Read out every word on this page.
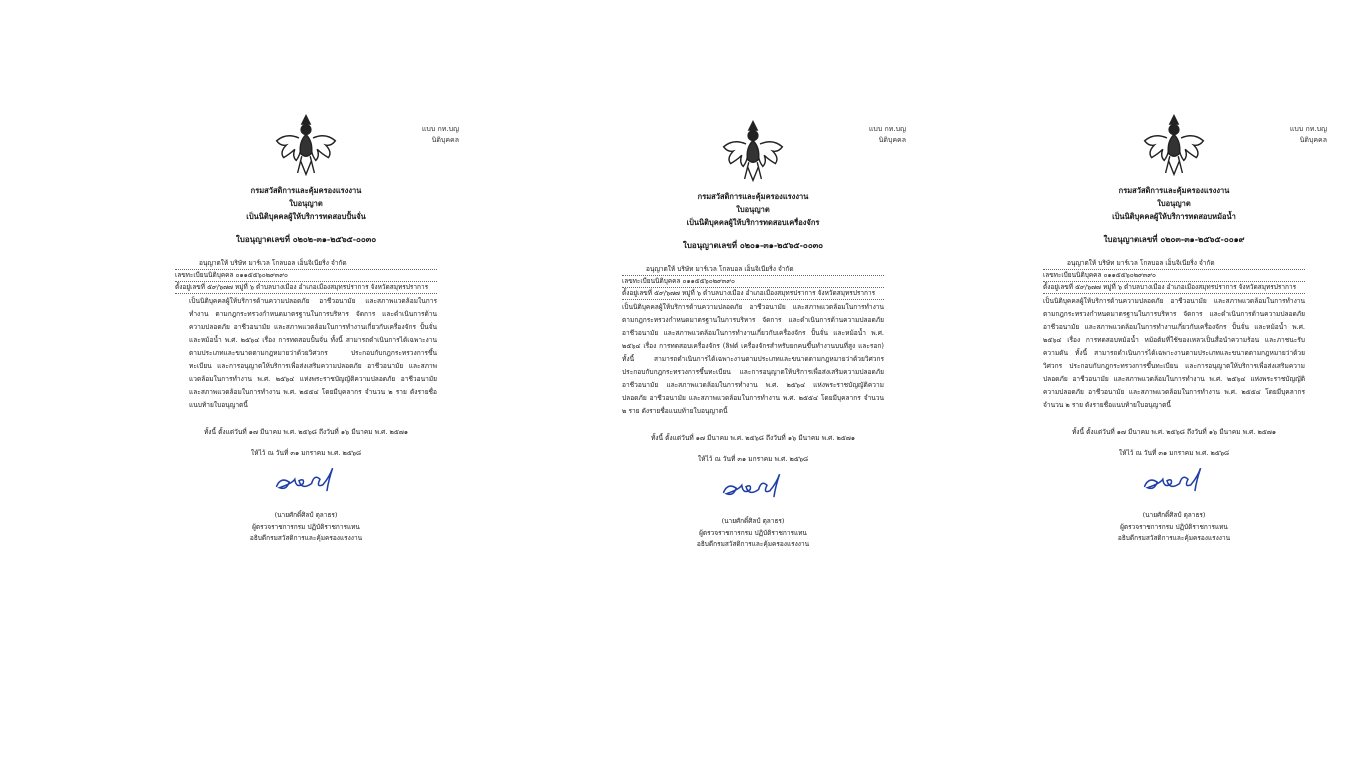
แบบ กท.บญ
นิติบุคคล
กรมสวัสดิการและคุ้มครองแรงงาน
ใบอนุญาต
เป็นนิติบุคคลผู้ให้บริการทดสอบปั้นจั่น
ใบอนุญาตเลขที่ ๐๒๐๒-๓๑-๒๕๖๕-๐๐๓๐
อนุญาตให้ บริษัท มาร์เวล โกลบอล เอ็นจิเนียริ่ง จำกัด
เลขทะเบียนนิติบุคคล ๐๑๑๕๕๖๐๒๙๓๙๐
ตั้งอยู่เลขที่ ๕๙/๖๗๗ หมู่ที่ ๖ ตำบลบางเมือง อำเภอเมืองสมุทรปราการ จังหวัดสมุทรปราการ
เป็นนิติบุคคลผู้ให้บริการด้านความปลอดภัย อาชีวอนามัย และสภาพแวดล้อมในการทำงาน ตามกฎกระทรวงกำหนดมาตรฐานในการบริหาร จัดการ และดำเนินการด้านความปลอดภัย อาชีวอนามัย และสภาพแวดล้อมในการทำงานเกี่ยวกับเครื่องจักร ปั้นจั่น และหม้อน้ำ พ.ศ. ๒๕๖๔ เรื่อง การทดสอบปั้นจั่น ทั้งนี้ สามารถดำเนินการได้เฉพาะงานตามประเภทและขนาดตามกฎหมายว่าด้วยวิศวกร ประกอบกับกฎกระทรวงการขึ้นทะเบียน และการอนุญาตให้บริการเพื่อส่งเสริมความปลอดภัย อาชีวอนามัย และสภาพแวดล้อมในการทำงาน พ.ศ. ๒๕๖๔ แห่งพระราชบัญญัติความปลอดภัย อาชีวอนามัย และสภาพแวดล้อมในการทำงาน พ.ศ. ๒๕๕๔ โดยมีบุคลากร จำนวน ๒ ราย ดังรายชื่อแนบท้ายใบอนุญาตนี้
ทั้งนี้ ตั้งแต่วันที่ ๑๗ มีนาคม พ.ศ. ๒๕๖๘ ถึงวันที่ ๑๖ มีนาคม พ.ศ. ๒๕๗๑
ให้ไว้ ณ วันที่ ๓๑ มกราคม พ.ศ. ๒๕๖๘
(นายศักดิ์ศิลป์ ตุลาธร)
ผู้ตรวจราชการกรม ปฏิบัติราชการแทน
อธิบดีกรมสวัสดิการและคุ้มครองแรงงาน
แบบ กท.บญ
นิติบุคคล
กรมสวัสดิการและคุ้มครองแรงงาน
ใบอนุญาต
เป็นนิติบุคคลผู้ให้บริการทดสอบเครื่องจักร
ใบอนุญาตเลขที่ ๐๒๐๑-๓๑-๒๕๖๕-๐๐๓๐
อนุญาตให้ บริษัท มาร์เวล โกลบอล เอ็นจิเนียริ่ง จำกัด
เลขทะเบียนนิติบุคคล ๐๑๑๕๕๖๐๒๙๓๙๐
ตั้งอยู่เลขที่ ๕๙/๖๗๗ หมู่ที่ ๖ ตำบลบางเมือง อำเภอเมืองสมุทรปราการ จังหวัดสมุทรปราการ
เป็นนิติบุคคลผู้ให้บริการด้านความปลอดภัย อาชีวอนามัย และสภาพแวดล้อมในการทำงาน ตามกฎกระทรวงกำหนดมาตรฐานในการบริหาร จัดการ และดำเนินการด้านความปลอดภัย อาชีวอนามัย และสภาพแวดล้อมในการทำงานเกี่ยวกับเครื่องจักร ปั้นจั่น และหม้อน้ำ พ.ศ. ๒๕๖๔ เรื่อง การทดสอบเครื่องจักร (ลิฟต์ เครื่องจักรสำหรับยกคนขึ้นทำงานบนที่สูง และรอก) ทั้งนี้ สามารถดำเนินการได้เฉพาะงานตามประเภทและขนาดตามกฎหมายว่าด้วยวิศวกร ประกอบกับกฎกระทรวงการขึ้นทะเบียน และการอนุญาตให้บริการเพื่อส่งเสริมความปลอดภัย อาชีวอนามัย และสภาพแวดล้อมในการทำงาน พ.ศ. ๒๕๖๔ แห่งพระราชบัญญัติความปลอดภัย อาชีวอนามัย และสภาพแวดล้อมในการทำงาน พ.ศ. ๒๕๕๔ โดยมีบุคลากร จำนวน ๒ ราย ดังรายชื่อแนบท้ายใบอนุญาตนี้
ทั้งนี้ ตั้งแต่วันที่ ๑๗ มีนาคม พ.ศ. ๒๕๖๘ ถึงวันที่ ๑๖ มีนาคม พ.ศ. ๒๕๗๑
ให้ไว้ ณ วันที่ ๓๑ มกราคม พ.ศ. ๒๕๖๘
(นายศักดิ์ศิลป์ ตุลาธร)
ผู้ตรวจราชการกรม ปฏิบัติราชการแทน
อธิบดีกรมสวัสดิการและคุ้มครองแรงงาน
แบบ กท.บญ
นิติบุคคล
กรมสวัสดิการและคุ้มครองแรงงาน
ใบอนุญาต
เป็นนิติบุคคลผู้ให้บริการทดสอบหม้อน้ำ
ใบอนุญาตเลขที่ ๐๒๐๓-๓๑-๒๕๖๕-๐๐๑๙
อนุญาตให้ บริษัท มาร์เวล โกลบอล เอ็นจิเนียริ่ง จำกัด
เลขทะเบียนนิติบุคคล ๐๑๑๕๕๖๐๒๙๓๙๐
ตั้งอยู่เลขที่ ๕๙/๖๗๗ หมู่ที่ ๖ ตำบลบางเมือง อำเภอเมืองสมุทรปราการ จังหวัดสมุทรปราการ
เป็นนิติบุคคลผู้ให้บริการด้านความปลอดภัย อาชีวอนามัย และสภาพแวดล้อมในการทำงาน ตามกฎกระทรวงกำหนดมาตรฐานในการบริหาร จัดการ และดำเนินการด้านความปลอดภัย อาชีวอนามัย และสภาพแวดล้อมในการทำงานเกี่ยวกับเครื่องจักร ปั้นจั่น และหม้อน้ำ พ.ศ. ๒๕๖๔ เรื่อง การทดสอบหม้อน้ำ หม้อต้มที่ใช้ของเหลวเป็นสื่อนำความร้อน และภาชนะรับความดัน ทั้งนี้ สามารถดำเนินการได้เฉพาะงานตามประเภทและขนาดตามกฎหมายว่าด้วยวิศวกร ประกอบกับกฎกระทรวงการขึ้นทะเบียน และการอนุญาตให้บริการเพื่อส่งเสริมความปลอดภัย อาชีวอนามัย และสภาพแวดล้อมในการทำงาน พ.ศ. ๒๕๖๔ แห่งพระราชบัญญัติความปลอดภัย อาชีวอนามัย และสภาพแวดล้อมในการทำงาน พ.ศ. ๒๕๕๔ โดยมีบุคลากร จำนวน ๒ ราย ดังรายชื่อแนบท้ายใบอนุญาตนี้
ทั้งนี้ ตั้งแต่วันที่ ๑๗ มีนาคม พ.ศ. ๒๕๖๘ ถึงวันที่ ๑๖ มีนาคม พ.ศ. ๒๕๗๑
ให้ไว้ ณ วันที่ ๓๑ มกราคม พ.ศ. ๒๕๖๘
(นายศักดิ์ศิลป์ ตุลาธร)
ผู้ตรวจราชการกรม ปฏิบัติราชการแทน
อธิบดีกรมสวัสดิการและคุ้มครองแรงงาน
